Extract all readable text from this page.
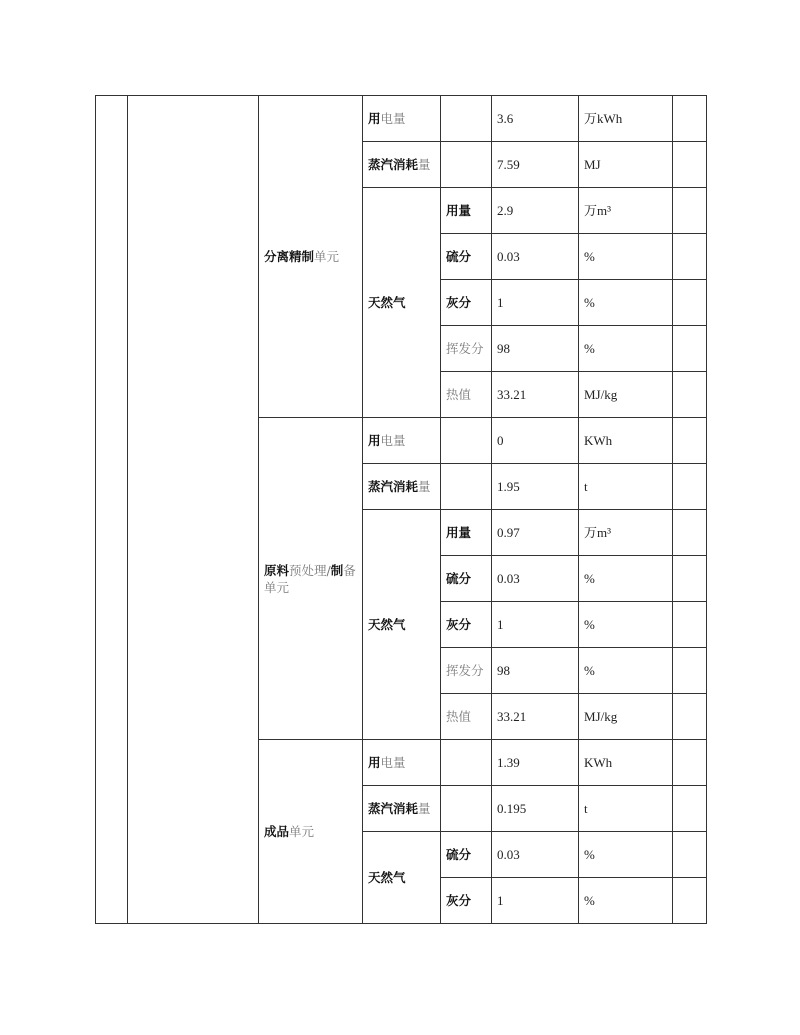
		分离精制单元	用电量		3.6	万kWh	
			蒸汽消耗量		7.59	MJ	
			天然气	用量	2.9	万m³	
				硫分	0.03	%	
				灰分	1	%	
				挥发分	98	%	
				热值	33.21	MJ/kg	
		原料预处理/制备单元	用电量		0	KWh	
			蒸汽消耗量		1.95	t	
			天然气	用量	0.97	万m³	
				硫分	0.03	%	
				灰分	1	%	
				挥发分	98	%	
				热值	33.21	MJ/kg	
		成品单元	用电量		1.39	KWh	
			蒸汽消耗量		0.195	t	
			天然气	硫分	0.03	%	
				灰分	1	%	
